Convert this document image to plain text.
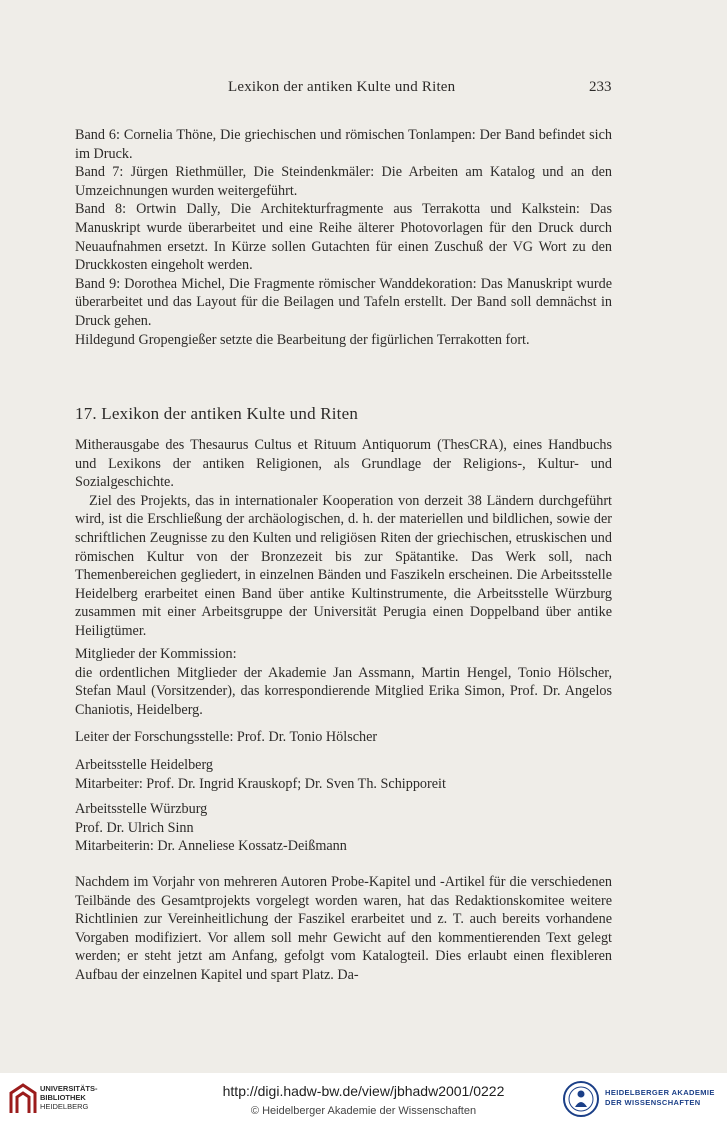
Lexikon der antiken Kulte und Riten	233

Band 6: Cornelia Thöne, Die griechischen und römischen Tonlampen: Der Band befindet sich im Druck.

Band 7: Jürgen Riethmüller, Die Steindenkmäler: Die Arbeiten am Katalog und an den Umzeichnungen wurden weitergeführt.

Band 8: Ortwin Dally, Die Architekturfragmente aus Terrakotta und Kalkstein: Das Manuskript wurde überarbeitet und eine Reihe älterer Photovorlagen für den Druck durch Neuaufnahmen ersetzt. In Kürze sollen Gutachten für einen Zuschuß der VG Wort zu den Druckkosten eingeholt werden.

Band 9: Dorothea Michel, Die Fragmente römischer Wanddekoration: Das Manuskript wurde überarbeitet und das Layout für die Beilagen und Tafeln erstellt. Der Band soll demnächst in Druck gehen.

Hildegund Gropengießer setzte die Bearbeitung der figürlichen Terrakotten fort.

17. Lexikon der antiken Kulte und Riten

Mitherausgabe des Thesaurus Cultus et Rituum Antiquorum (ThesCRA), eines Handbuchs und Lexikons der antiken Religionen, als Grundlage der Religions-, Kultur- und Sozialgeschichte.

Ziel des Projekts, das in internationaler Kooperation von derzeit 38 Ländern durchgeführt wird, ist die Erschließung der archäologischen, d. h. der materiellen und bildlichen, sowie der schriftlichen Zeugnisse zu den Kulten und religiösen Riten der griechischen, etruskischen und römischen Kultur von der Bronzezeit bis zur Spätantike. Das Werk soll, nach Themenbereichen gegliedert, in einzelnen Bänden und Faszikeln erscheinen. Die Arbeitsstelle Heidelberg erarbeitet einen Band über antike Kultinstrumente, die Arbeitsstelle Würzburg zusammen mit einer Arbeitsgruppe der Universität Perugia einen Doppelband über antike Heiligtümer.

Mitglieder der Kommission:

die ordentlichen Mitglieder der Akademie Jan Assmann, Martin Hengel, Tonio Hölscher, Stefan Maul (Vorsitzender), das korrespondierende Mitglied Erika Simon, Prof. Dr. Angelos Chaniotis, Heidelberg.

Leiter der Forschungsstelle: Prof. Dr. Tonio Hölscher

Arbeitsstelle Heidelberg

Mitarbeiter: Prof. Dr. Ingrid Krauskopf; Dr. Sven Th. Schipporeit

Arbeitsstelle Würzburg

Prof. Dr. Ulrich Sinn

Mitarbeiterin: Dr. Anneliese Kossatz-Deißmann

Nachdem im Vorjahr von mehreren Autoren Probe-Kapitel und -Artikel für die verschiedenen Teilbände des Gesamtprojekts vorgelegt worden waren, hat das Redaktionskomitee weitere Richtlinien zur Vereinheitlichung der Faszikel erarbeitet und z. T. auch bereits vorhandene Vorgaben modifiziert. Vor allem soll mehr Gewicht auf den kommentierenden Text gelegt werden; er steht jetzt am Anfang, gefolgt vom Katalogteil. Dies erlaubt einen flexibleren Aufbau der einzelnen Kapitel und spart Platz. Da-

UNIVERSITÄTS-
BIBLIOTHEK
HEIDELBERG
http://digi.hadw-bw.de/view/jbhadw2001/0222
© Heidelberger Akademie der Wissenschaften
HEIDELBERGER AKADEMIE
DER WISSENSCHAFTEN
